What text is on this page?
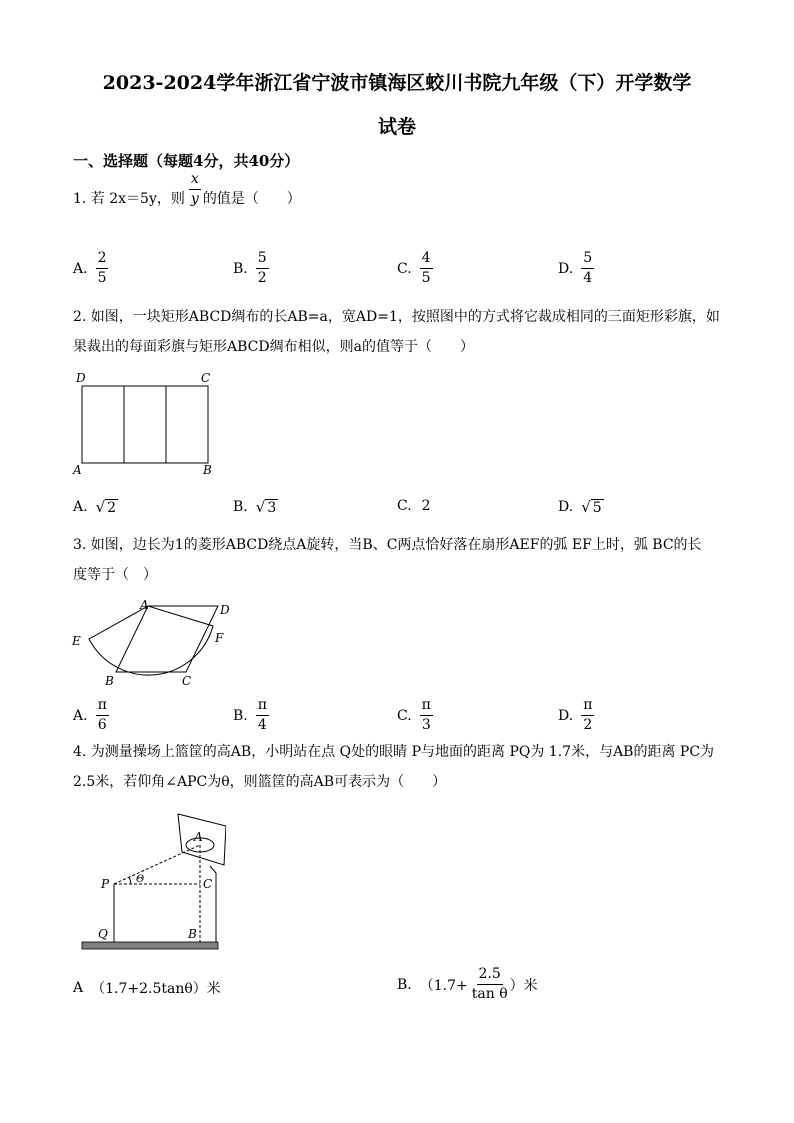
2023-2024学年浙江省宁波市镇海区蛟川书院九年级（下）开学数学
试卷
一、选择题（每题4分，共40分）
1. 若 2x＝5y，则 $\frac{x}{y}$ 的值是（　　）
A. $\frac{2}{5}$	B. $\frac{5}{2}$	C. $\frac{4}{5}$	D. $\frac{5}{4}$
2. 如图，一块矩形ABCD绸布的长AB=a，宽AD=1，按照图中的方式将它裁成相同的三面矩形彩旗，如
果裁出的每面彩旗与矩形ABCD绸布相似，则a的值等于（　　）
D	C
A	B
A. √ 2	B. √ 3	C. 2	D. √ 5
3. 如图，边长为1的菱形ABCD绕点A旋转，当B、C两点恰好落在扇形AEF的弧 EF上时，弧 BC的长
度等于（　）
A	D
E	F
B	C
A. $\frac{\pi}{6}$	B. $\frac{\pi}{4}$	C. $\frac{\pi}{3}$	D. $\frac{\pi}{2}$
4. 为测量操场上篮筐的高AB，小明站在点 Q处的眼睛 P与地面的距离 PQ为 1.7米，与AB的距离 PC为
2.5米，若仰角∠APC为θ，则篮筐的高AB可表示为（　　）
A
P	Θ	C
Q	B
A （1.7+2.5tanθ）米	B. （$1.7+ \frac{2.5}{\text{tan θ}}$ ）米
